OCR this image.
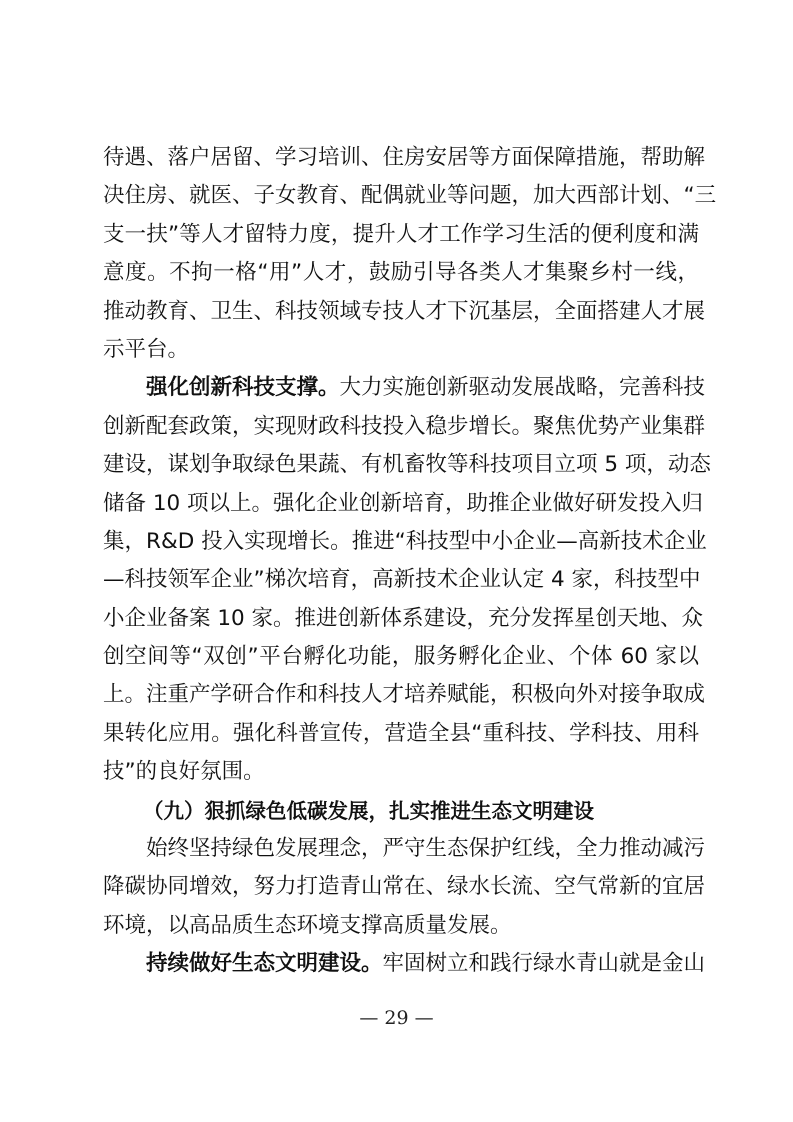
待遇、落户居留、学习培训、住房安居等方面保障措施，帮助解
决住房、就医、子女教育、配偶就业等问题，加大西部计划、“三
支一扶”等人才留特力度，提升人才工作学习生活的便利度和满
意度。不拘一格“用”人才，鼓励引导各类人才集聚乡村一线，
推动教育、卫生、科技领域专技人才下沉基层，全面搭建人才展
示平台。
强化创新科技支撑。大力实施创新驱动发展战略，完善科技
创新配套政策，实现财政科技投入稳步增长。聚焦优势产业集群
建设，谋划争取绿色果蔬、有机畜牧等科技项目立项 5 项，动态
储备 10 项以上。强化企业创新培育，助推企业做好研发投入归
集，R&D 投入实现增长。推进“科技型中小企业—高新技术企业
—科技领军企业”梯次培育，高新技术企业认定 4 家，科技型中
小企业备案 10 家。推进创新体系建设，充分发挥星创天地、众
创空间等“双创”平台孵化功能，服务孵化企业、个体 60 家以
上。注重产学研合作和科技人才培养赋能，积极向外对接争取成
果转化应用。强化科普宣传，营造全县“重科技、学科技、用科
技”的良好氛围。
（九）狠抓绿色低碳发展，扎实推进生态文明建设
始终坚持绿色发展理念，严守生态保护红线，全力推动减污
降碳协同增效，努力打造青山常在、绿水长流、空气常新的宜居
环境，以高品质生态环境支撑高质量发展。
持续做好生态文明建设。牢固树立和践行绿水青山就是金山
— 29 —
